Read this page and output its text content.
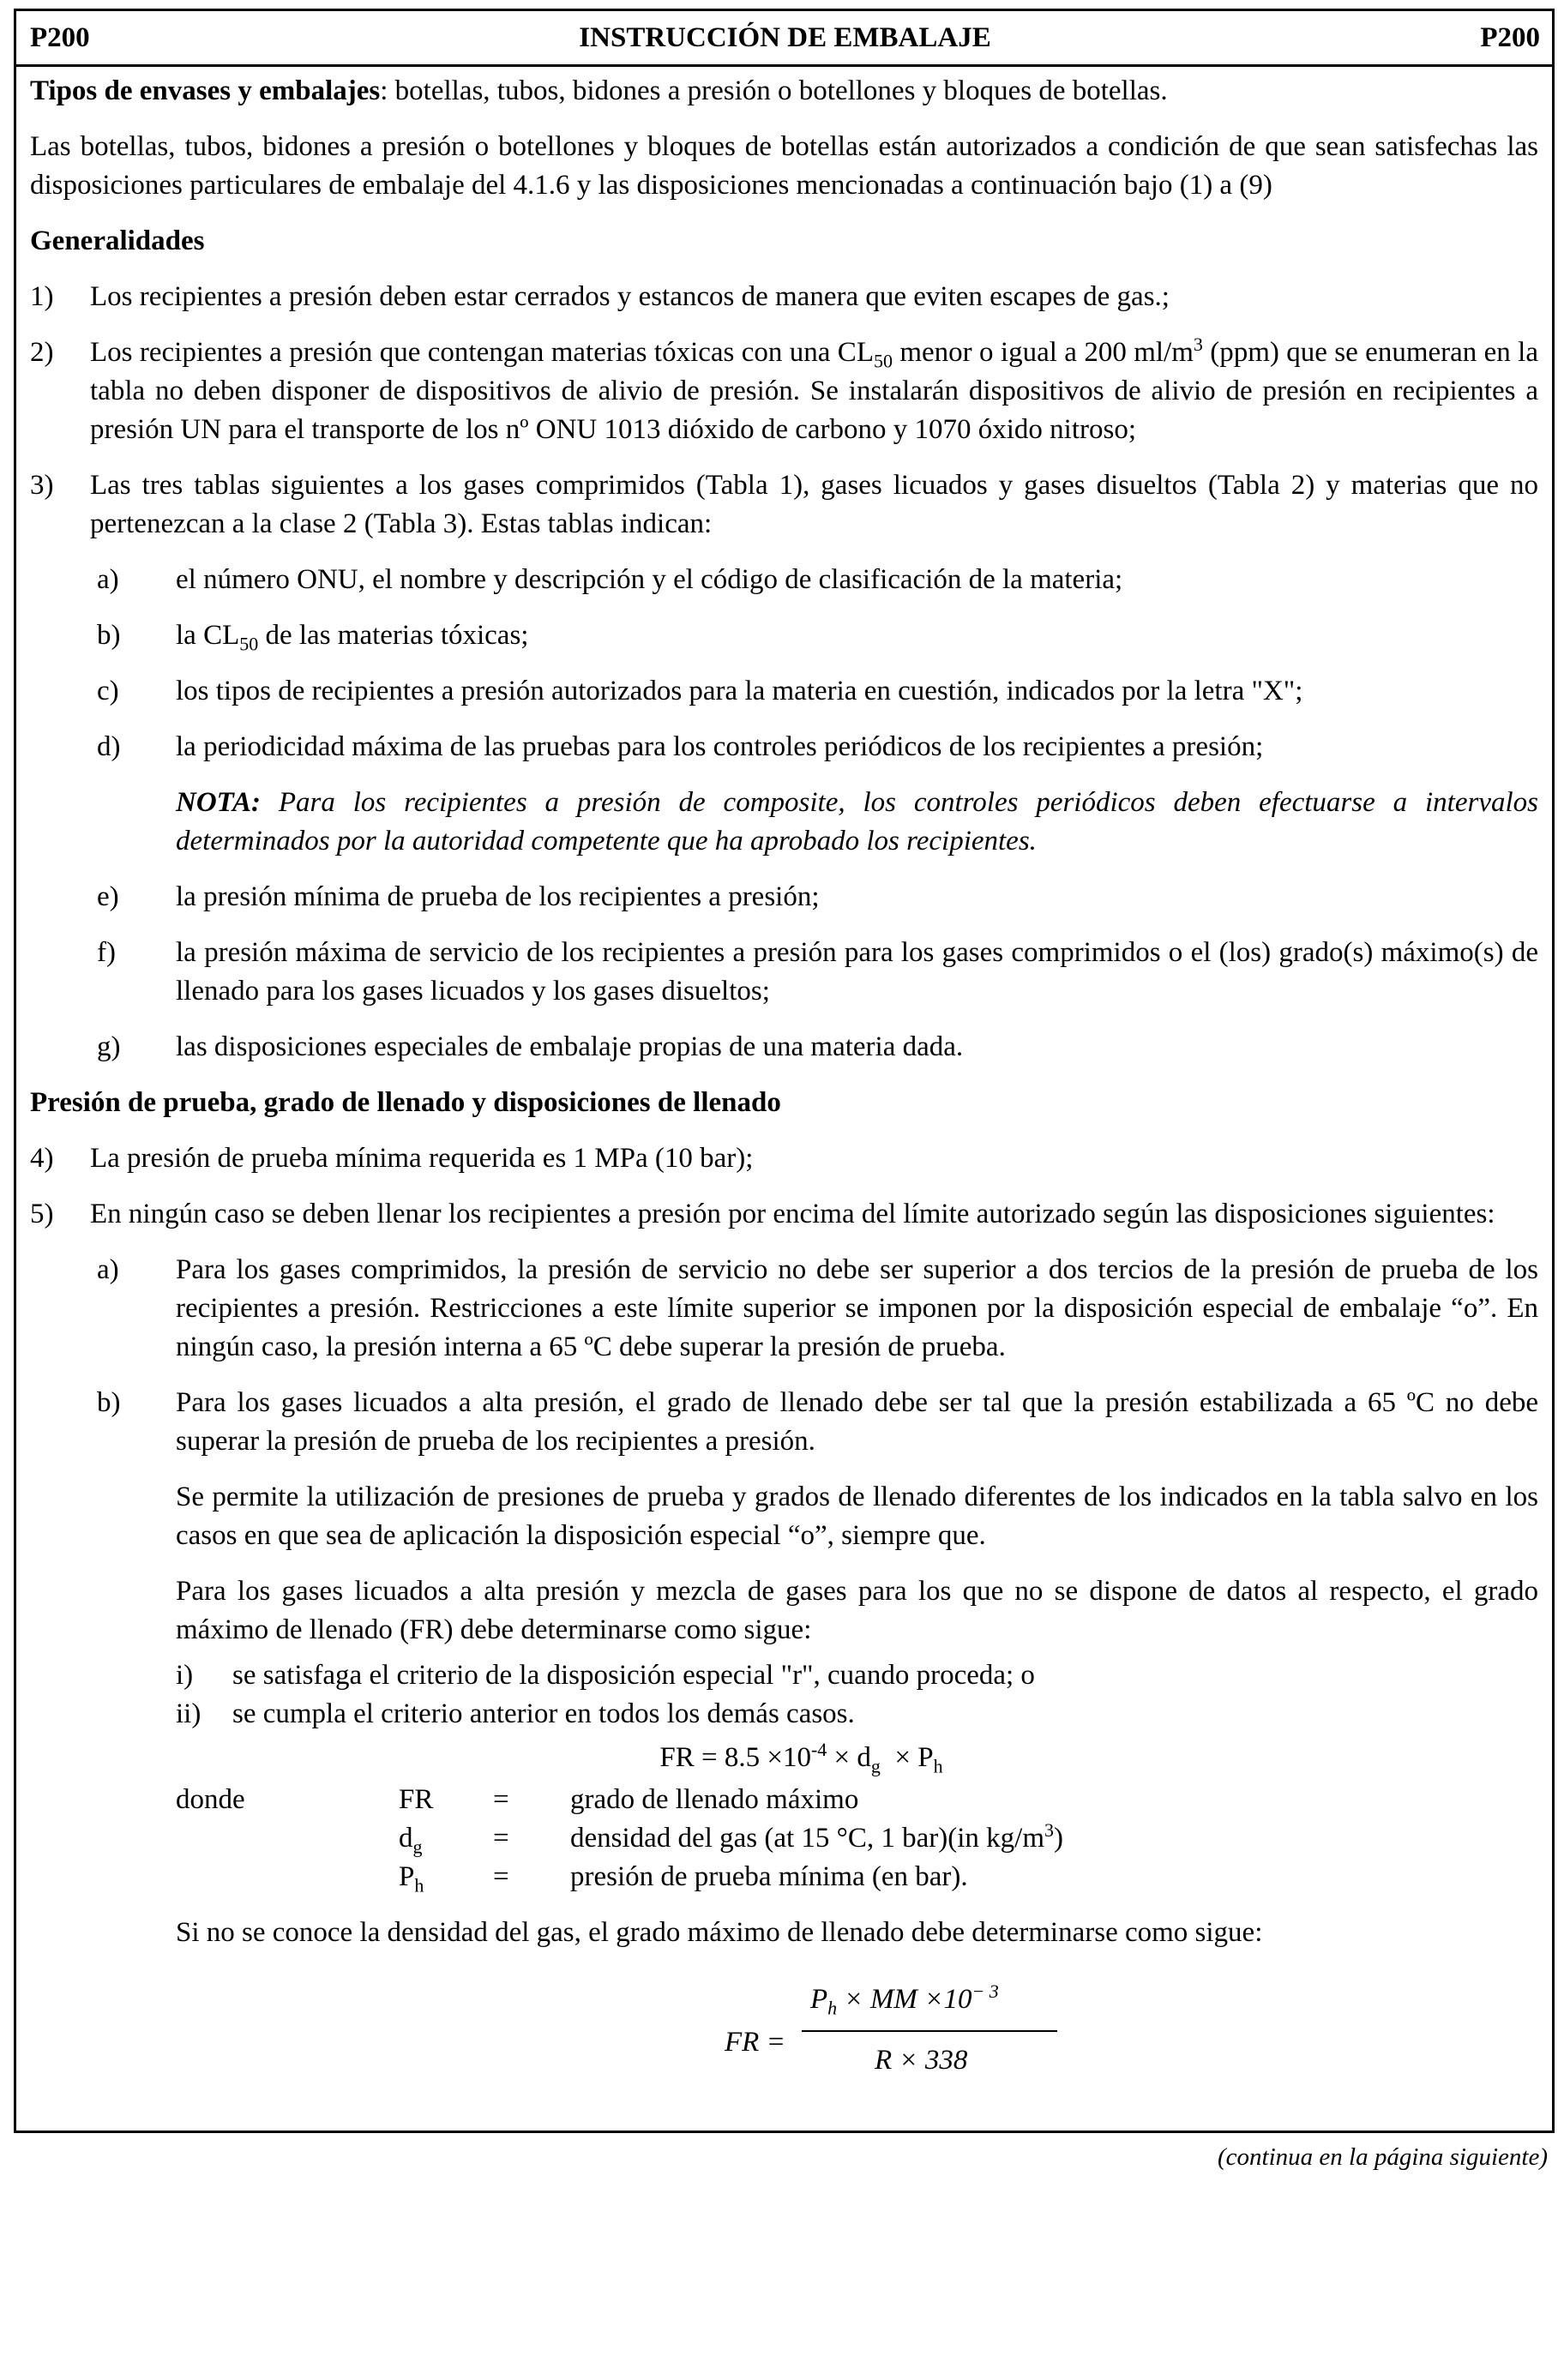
P200	INSTRUCCIÓN DE EMBALAJE	P200

Tipos de envases y embalajes: botellas, tubos, bidones a presión o botellones y bloques de botellas.

Las botellas, tubos, bidones a presión o botellones y bloques de botellas están autorizados a condición de que sean satisfechas las disposiciones particulares de embalaje del 4.1.6 y las disposiciones mencionadas a continuación bajo (1) a (9)

Generalidades

1)	Los recipientes a presión deben estar cerrados y estancos de manera que eviten escapes de gas.;
2)	Los recipientes a presión que contengan materias tóxicas con una $CL_{50}$ menor o igual a 200 $ml/m^3$ (ppm) que se enumeran en la tabla no deben disponer de dispositivos de alivio de presión. Se instalarán dispositivos de alivio de presión en recipientes a presión UN para el transporte de los nº ONU 1013 dióxido de carbono y 1070 óxido nitroso;
3)	Las tres tablas siguientes a los gases comprimidos (Tabla 1), gases licuados y gases disueltos (Tabla 2) y materias que no pertenezcan a la clase 2 (Tabla 3). Estas tablas indican:
a)	el número ONU, el nombre y descripción y el código de clasificación de la materia;
b)	la $CL_{50}$ de las materias tóxicas;
c)	los tipos de recipientes a presión autorizados para la materia en cuestión, indicados por la letra "X";
d)	la periodicidad máxima de las pruebas para los controles periódicos de los recipientes a presión;

NOTA: Para los recipientes a presión de composite, los controles periódicos deben efectuarse a intervalos determinados por la autoridad competente que ha aprobado los recipientes.

e)	la presión mínima de prueba de los recipientes a presión;
f)	la presión máxima de servicio de los recipientes a presión para los gases comprimidos o el (los) grado(s) máximo(s) de llenado para los gases licuados y los gases disueltos;
g)	las disposiciones especiales de embalaje propias de una materia dada.

Presión de prueba, grado de llenado y disposiciones de llenado

4)	La presión de prueba mínima requerida es 1 MPa (10 bar);
5)	En ningún caso se deben llenar los recipientes a presión por encima del límite autorizado según las disposiciones siguientes:
a)	Para los gases comprimidos, la presión de servicio no debe ser superior a dos tercios de la presión de prueba de los recipientes a presión. Restricciones a este límite superior se imponen por la disposición especial de embalaje “o”. En ningún caso, la presión interna a 65 ºC debe superar la presión de prueba.
b)	Para los gases licuados a alta presión, el grado de llenado debe ser tal que la presión estabilizada a 65 ºC no debe superar la presión de prueba de los recipientes a presión.

Se permite la utilización de presiones de prueba y grados de llenado diferentes de los indicados en la tabla salvo en los casos en que sea de aplicación la disposición especial “o”, siempre que.

Para los gases licuados a alta presión y mezcla de gases para los que no se dispone de datos al respecto, el grado máximo de llenado (FR) debe determinarse como sigue:

i)	se satisfaga el criterio de la disposición especial "r", cuando proceda; o
ii)	se cumpla el criterio anterior en todos los demás casos.

FR = $8.5 \times 10^{-4} \times d_g \times P_h$

donde	FR	=	grado de llenado máximo
$d_g$	=	densidad del gas (at 15 °C, 1 bar)(in $kg/m^3$)
$P_h$	=	presión de prueba mínima (en bar).

Si no se conoce la densidad del gas, el grado máximo de llenado debe determinarse como sigue:

FR =
$P_h$ × MM $\times 10^{- 3}$
R × 338

(continua en la página siguiente)
